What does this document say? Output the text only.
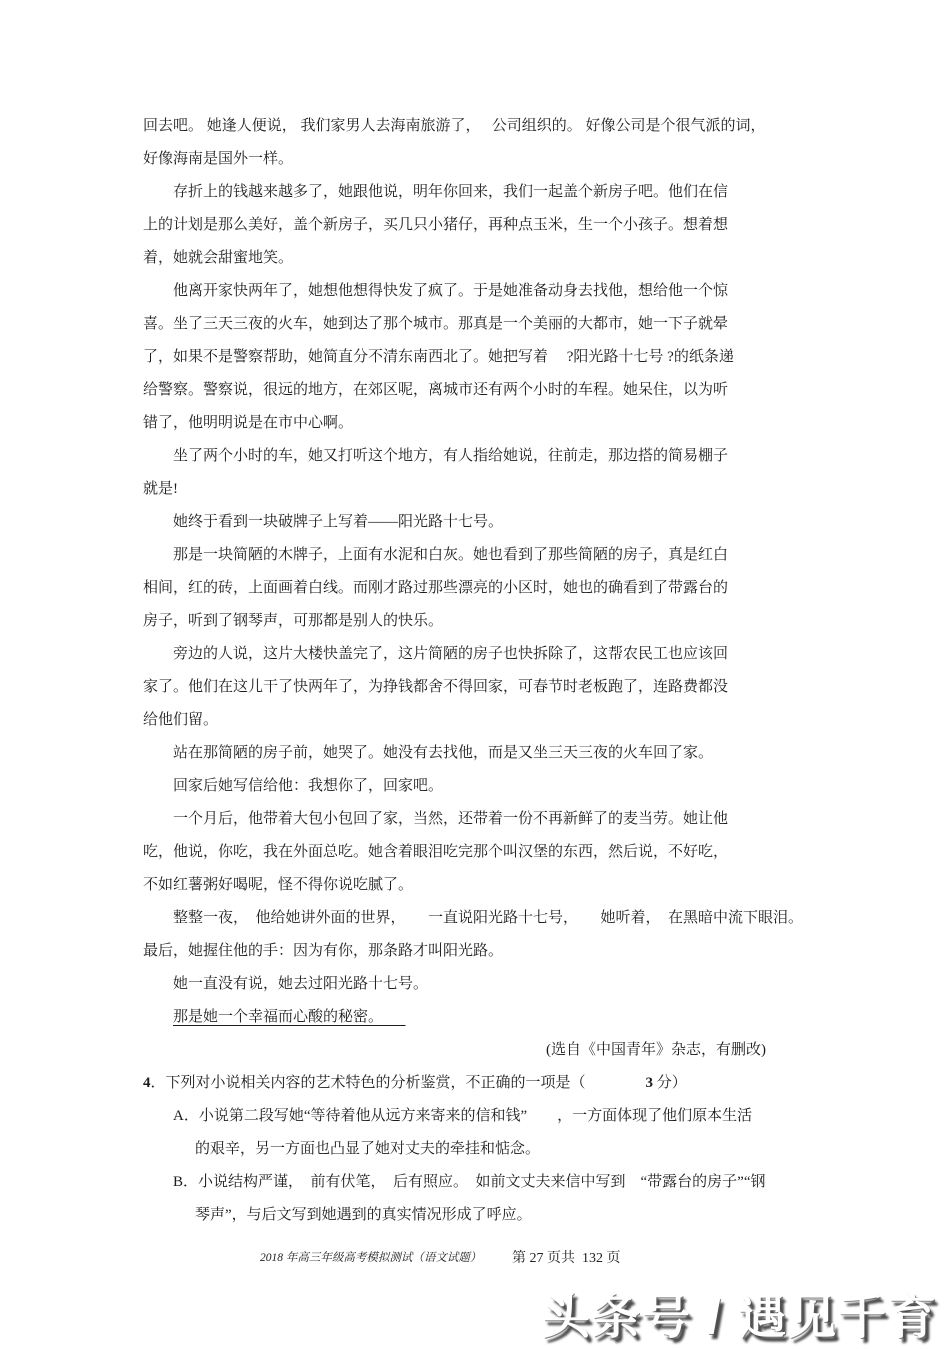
回去吧。 她逢人便说， 我们家男人去海南旅游了，　 公司组织的。 好像公司是个很气派的词，
好像海南是国外一样。
存折上的钱越来越多了，她跟他说，明年你回来，我们一起盖个新房子吧。他们在信
上的计划是那么美好，盖个新房子，买几只小猪仔，再种点玉米，生一个小孩子。想着想
着，她就会甜蜜地笑。
他离开家快两年了，她想他想得快发了疯了。于是她准备动身去找他，想给他一个惊
喜。坐了三天三夜的火车，她到达了那个城市。那真是一个美丽的大都市，她一下子就晕
了，如果不是警察帮助，她简直分不清东南西北了。她把写着　 ?阳光路十七号 ?的纸条递
给警察。警察说，很远的地方，在郊区呢，离城市还有两个小时的车程。她呆住，以为听
错了，他明明说是在市中心啊。
坐了两个小时的车，她又打听这个地方，有人指给她说，往前走，那边搭的简易棚子
就是!
她终于看到一块破牌子上写着——阳光路十七号。
那是一块简陋的木牌子，上面有水泥和白灰。她也看到了那些简陋的房子，真是红白
相间，红的砖，上面画着白线。而刚才路过那些漂亮的小区时，她也的确看到了带露台的
房子，听到了钢琴声，可那都是别人的快乐。
旁边的人说，这片大楼快盖完了，这片简陋的房子也快拆除了，这帮农民工也应该回
家了。他们在这儿干了快两年了，为挣钱都舍不得回家，可春节时老板跑了，连路费都没
给他们留。
站在那简陋的房子前，她哭了。她没有去找他，而是又坐三天三夜的火车回了家。
回家后她写信给他：我想你了，回家吧。
一个月后，他带着大包小包回了家，当然，还带着一份不再新鲜了的麦当劳。她让他
吃，他说，你吃，我在外面总吃。她含着眼泪吃完那个叫汉堡的东西，然后说，不好吃，
不如红薯粥好喝呢，怪不得你说吃腻了。
整整一夜，　他给她讲外面的世界，　　一直说阳光路十七号，　　她听着，　在黑暗中流下眼泪。
最后，她握住他的手：因为有你，那条路才叫阳光路。
她一直没有说，她去过阳光路十七号。
那是她一个幸福而心酸的秘密。　　
(选自《中国青年》杂志，有删改)
4．下列对小说相关内容的艺术特色的分析鉴赏，不正确的一项是（　　　　3 分）
A．小说第二段写她“等待着他从远方来寄来的信和钱”　　，一方面体现了他们原本生活
的艰辛，另一方面也凸显了她对丈夫的牵挂和惦念。
B．小说结构严谨，　前有伏笔，　后有照应。　如前文丈夫来信中写到　“带露台的房子”“钢
琴声”，与后文写到她遇到的真实情况形成了呼应。
2018 年高三年级高考模拟测试（语文试题） 第 27 页共  132 页
头条号 / 遇见千育
